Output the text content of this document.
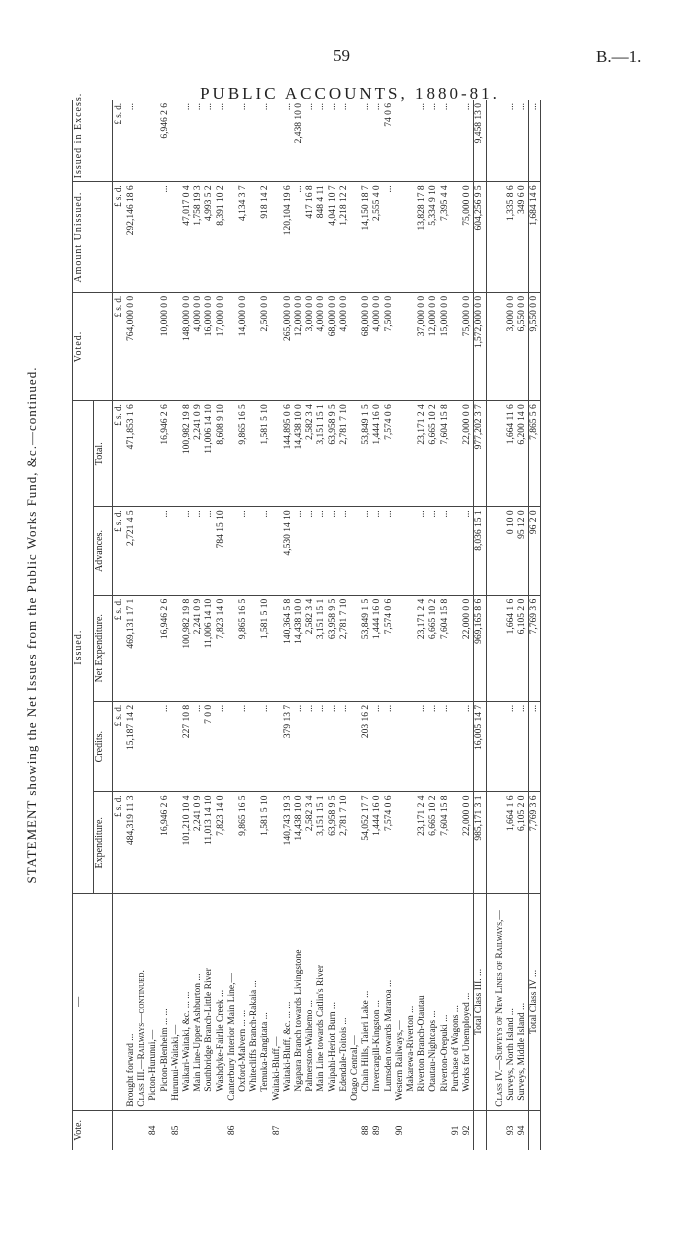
59	B.—1.
PUBLIC ACCOUNTS, 1880-81.
STATEMENT showing the Net Issues from the Public Works Fund, &c.—continued.
Vote.	—	Issued.					Voted.	Amount Unissued.	Issued in Excess.
		Expenditure.	Credits.	Net Expenditure.	Advances.	Total.			
		£ s. d.	£ s. d.	£ s. d.	£ s. d.	£ s. d.	£ s. d.	£ s. d.	£ s. d.
	Brought forward ...	484,319 11 3	15,187 14 2	469,131 17 1	2,721 4 5	471,853 1 6	764,000 0 0	292,146 18 6	...
	Class III.—Railways—continued.								
84	Picton-Hurunui,—								
	Picton-Blenheim ... ...	16,946 2 6	...	16,946 2 6	...	16,946 2 6	10,000 0 0	...	6,946 2 6
85	Hurunui-Waitaki,—								
	Waikari-Waitaki, &c. ... ...	101,210 10 4	227 10 8	100,982 19 8	...	100,982 19 8	148,000 0 0	47,017 0 4	...
	Main Line-Upper Ashburton ...	2,241 0 9	...	2,241 0 9	...	2,241 0 9	4,000 0 0	1,758 19 3	...
	Southbridge Branch-Little River	11,013 14 10	7 0 0	11,006 14 10	...	11,006 14 10	16,000 0 0	4,993 5 2	...
	Washdyke-Fairlie Creek ...	7,823 14 0	...	7,823 14 0	784 15 10	8,608 9 10	17,000 0 0	8,391 10 2	...
86	Canterbury Interior Main Line,—								
	Oxford-Malvern ... ...	9,865 16 5	...	9,865 16 5	...	9,865 16 5	14,000 0 0	4,134 3 7	...
	Whitecliffs Branch-Rakaia ...								
	Temuka-Rangitata ...	1,581 5 10	...	1,581 5 10	...	1,581 5 10	2,500 0 0	918 14 2	...
87	Waitaki-Bluff,—								
	Waitaki-Bluff, &c. ... ...	140,743 19 3	379 13 7	140,364 5 8	4,530 14 10	144,895 0 6	265,000 0 0	120,104 19 6	...
	Ngapara Branch towards Livingstone	14,438 10 0	...	14,438 10 0	...	14,438 10 0	12,000 0 0	...	2,438 10 0
	Palmerston-Waihemo ...	2,582 3 4	...	2,582 3 4	...	2,582 3 4	3,000 0 0	417 16 8	...
	Main Line towards Catlin's River	3,151 15 1	...	3,151 15 1	...	3,151 15 1	4,000 0 0	848 4 11	...
	Waipahi-Heriot Burn ...	63,958 9 5	...	63,958 9 5	...	63,958 9 5	68,000 0 0	4,041 10 7	...
	Edendale-Toitois ...	2,781 7 10	...	2,781 7 10	...	2,781 7 10	4,000 0 0	1,218 12 2	...
	Otago Central,—								
88	Chain Hills, Taieri Lake ...	54,052 17 7	203 16 2	53,849 1 5	...	53,849 1 5	68,000 0 0	14,150 18 7	...
89	Invercargill-Kingston ...	1,444 16 0	...	1,444 16 0	...	1,444 16 0	4,000 0 0	2,555 4 0	...
	Lumsden towards Mararoa ...	7,574 0 6	...	7,574 0 6	...	7,574 0 6	7,500 0 0	...	74 0 6
90	Western Railways,—								
	Makarewa-Riverton ...								
	Riverton Branch-Otautau	23,171 2 4	...	23,171 2 4	...	23,171 2 4	37,000 0 0	13,828 17 8	...
	Otautau-Nightcaps ...	6,665 10 2	...	6,665 10 2	...	6,665 10 2	12,000 0 0	5,334 9 10	...
	Riverton-Orepuki ...	7,604 15 8	...	7,604 15 8	...	7,604 15 8	15,000 0 0	7,395 4 4	...
91	Purchase of Wagons ...								
92	Works for Unemployed ...	22,000 0 0	...	22,000 0 0	...	22,000 0 0	75,000 0 0	75,000 0 0	...
	Total Class III. ...	985,171 3 1	16,005 14 7	969,165 8 6	8,036 15 1	977,202 3 7	1,572,000 0 0	604,256 9 5	9,458 13 0

	Class IV.—Surveys of New Lines of Railways,—								
93	Surveys, North Island ...	1,664 1 6	...	1,664 1 6	0 10 0	1,664 11 6	3,000 0 0	1,335 8 6	...
94	Surveys, Middle Island ...	6,105 2 0	...	6,105 2 0	95 12 0	6,200 14 0	6,550 0 0	349 6 0	...
	Total Class IV ...	7,769 3 6	...	7,769 3 6	96 2 0	7,865 5 6	9,550 0 0	1,684 14 6	...
